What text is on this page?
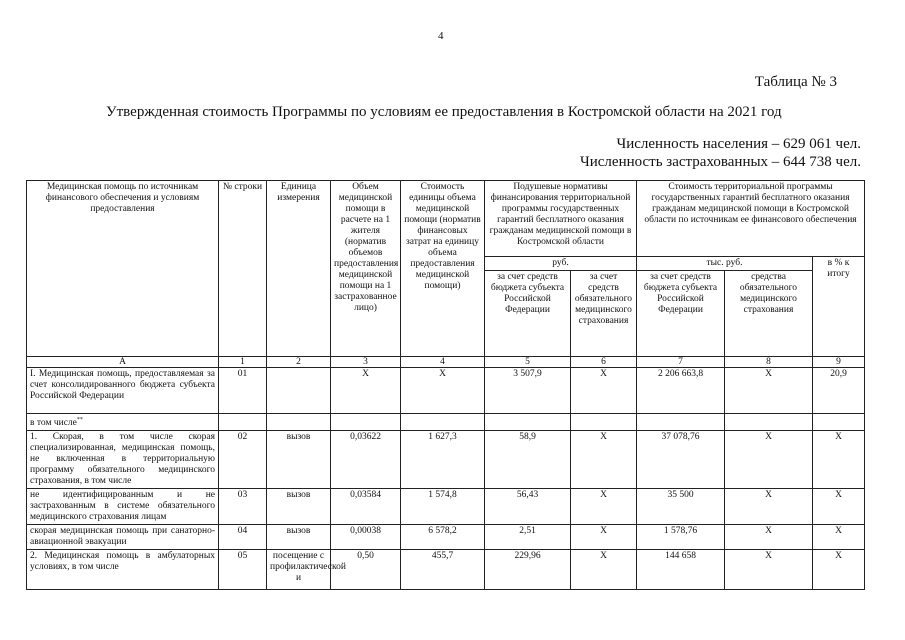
4
Таблица № 3
Утвержденная стоимость Программы по условиям ее предоставления в Костромской области на 2021 год
Численность населения – 629 061 чел.
Численность застрахованных – 644 738 чел.
Медицинская помощь по источникам финансового обеспечения и условиям предоставления	№ строки	Единица измерения	Объем медицинской помощи в расчете на 1 жителя (норматив объемов предоставления медицинской помощи на 1 застрахованное лицо)	Стоимость единицы объема медицинской помощи (норматив финансовых затрат на единицу объема предоставления медицинской помощи)	Подушевые нормативы финансирования территориальной программы государственных гарантий бесплатного оказания гражданам медицинской помощи в Костромской области		Стоимость территориальной программы государственных гарантий бесплатного оказания гражданам медицинской помощи в Костромской области по источникам ее финансового обеспечения		
					руб.		тыс. руб.		в % к итогу
					за счет средств бюджета субъекта Российской Федерации	за счет средств обязательного медицинского страхования	за счет средств бюджета субъекта Российской Федерации	средства обязательного медицинского страхования	
А	1	2	3	4	5	6	7	8	9
I. Медицинская помощь, предоставляемая за счет консолидированного бюджета субъекта Российской Федерации	01		X	X	3 507,9	X	2 206 663,8	X	20,9
в том числе**									
1. Скорая, в том числе скорая специализированная, медицинская помощь, не включенная в территориальную программу обязательного медицинского страхования, в том числе	02	вызов	0,03622	1 627,3	58,9	X	37 078,76	X	X
не идентифицированным и не застрахованным в системе обязательного медицинского страхования лицам	03	вызов	0,03584	1 574,8	56,43	X	35 500	X	X
скорая медицинская помощь при санаторно-авиационной эвакуации	04	вызов	0,00038	6 578,2	2,51	X	1 578,76	X	X
2. Медицинская помощь в амбулаторных условиях, в том числе	05	посещение с профилактической и	0,50	455,7	229,96	X	144 658	X	X
